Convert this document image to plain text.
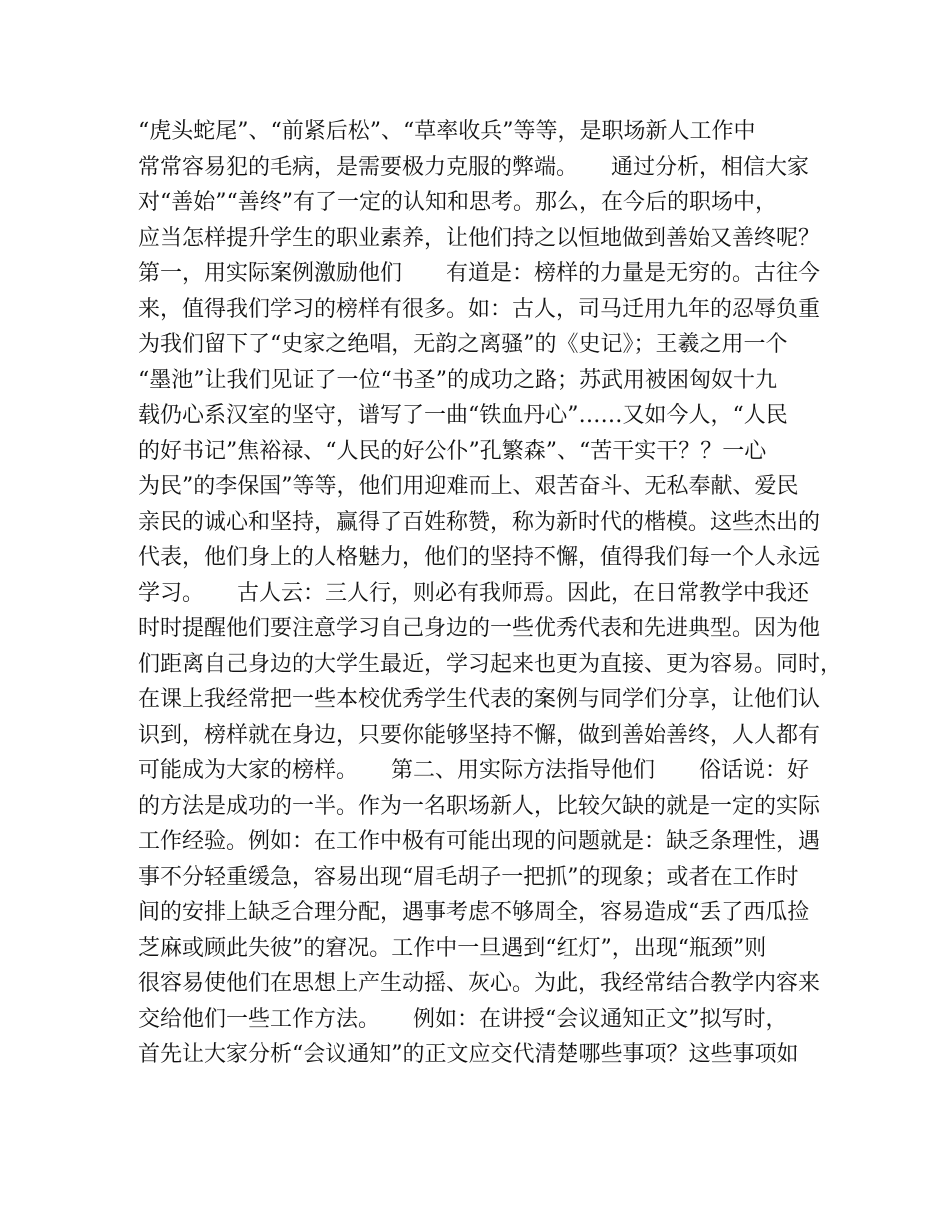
“虎头蛇尾”、“前紧后松”、“草率收兵”等等，是职场新人工作中
常常容易犯的毛病，是需要极力克服的弊端。　　通过分析，相信大家
对“善始”“善终”有了一定的认知和思考。那么，在今后的职场中，
应当怎样提升学生的职业素养，让他们持之以恒地做到善始又善终呢？
第一，用实际案例激励他们　　有道是：榜样的力量是无穷的。古往今
来，值得我们学习的榜样有很多。如：古人，司马迁用九年的忍辱负重
为我们留下了“史家之绝唱，无韵之离骚”的《史记》；王羲之用一个
“墨池”让我们见证了一位“书圣”的成功之路；苏武用被困匈奴十九
载仍心系汉室的坚守，谱写了一曲“铁血丹心”……又如今人，“人民
的好书记”焦裕禄、“人民的好公仆”孔繁森”、“苦干实干？？一心
为民”的李保国”等等，他们用迎难而上、艰苦奋斗、无私奉献、爱民
亲民的诚心和坚持，赢得了百姓称赞，称为新时代的楷模。这些杰出的
代表，他们身上的人格魅力，他们的坚持不懈，值得我们每一个人永远
学习。　　古人云：三人行，则必有我师焉。因此，在日常教学中我还
时时提醒他们要注意学习自己身边的一些优秀代表和先进典型。因为他
们距离自己身边的大学生最近，学习起来也更为直接、更为容易。同时，
在课上我经常把一些本校优秀学生代表的案例与同学们分享，让他们认
识到，榜样就在身边，只要你能够坚持不懈，做到善始善终，人人都有
可能成为大家的榜样。　　第二、用实际方法指导他们　　俗话说：好
的方法是成功的一半。作为一名职场新人，比较欠缺的就是一定的实际
工作经验。例如：在工作中极有可能出现的问题就是：缺乏条理性，遇
事不分轻重缓急，容易出现“眉毛胡子一把抓”的现象；或者在工作时
间的安排上缺乏合理分配，遇事考虑不够周全，容易造成“丢了西瓜捡
芝麻或顾此失彼”的窘况。工作中一旦遇到“红灯”，出现“瓶颈”则
很容易使他们在思想上产生动摇、灰心。为此，我经常结合教学内容来
交给他们一些工作方法。　　例如：在讲授“会议通知正文”拟写时，
首先让大家分析“会议通知”的正文应交代清楚哪些事项？这些事项如
